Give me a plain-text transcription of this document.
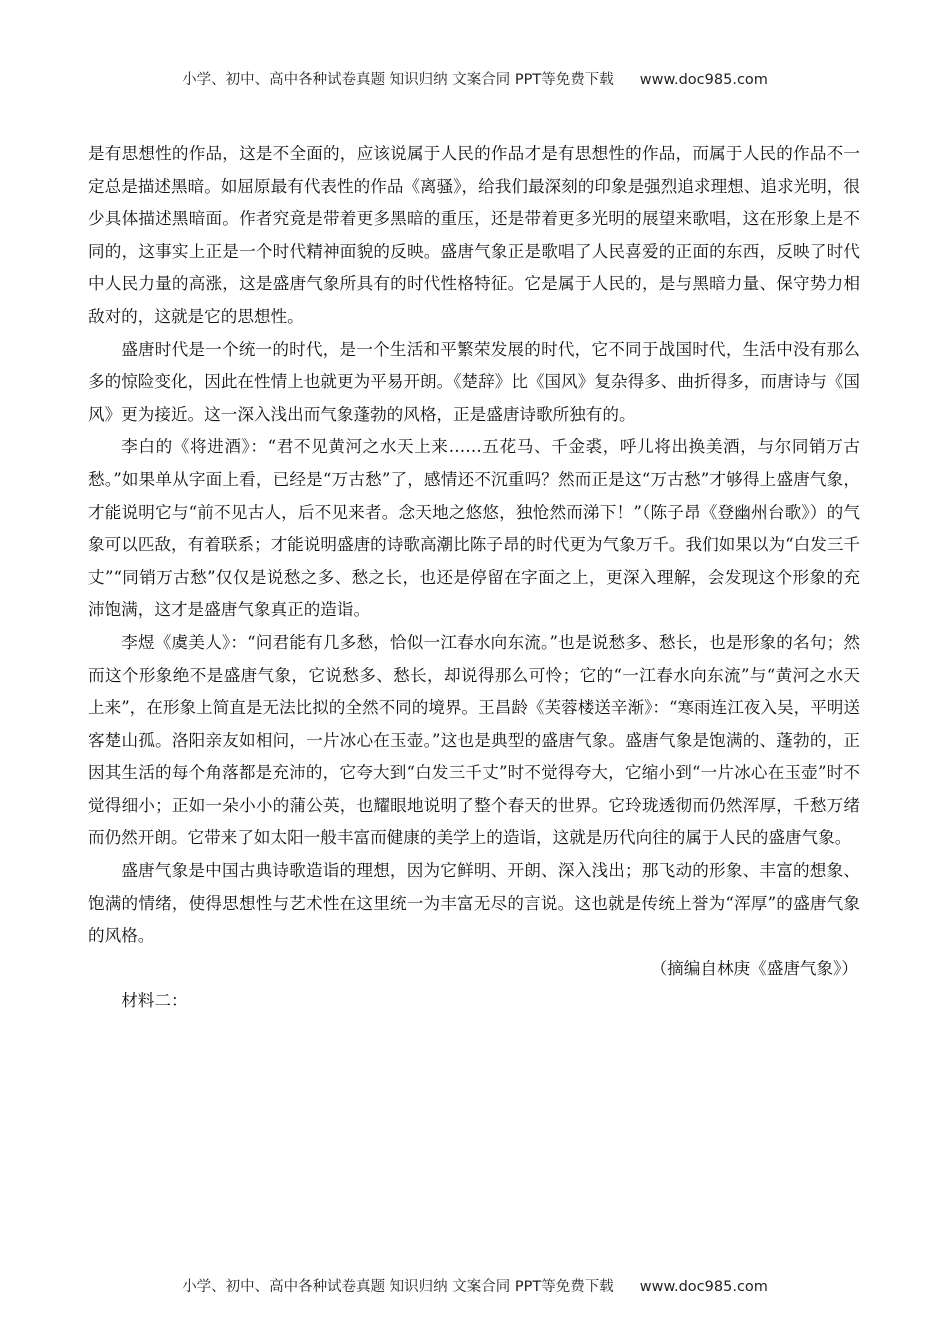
小学、初中、高中各种试卷真题 知识归纳 文案合同 PPT等免费下载 www.doc985.com

是有思想性的作品，这是不全面的，应该说属于人民的作品才是有思想性的作品，而属于人民的作品不一定总是描述黑暗。如屈原最有代表性的作品《离骚》，给我们最深刻的印象是强烈追求理想、追求光明，很少具体描述黑暗面。作者究竟是带着更多黑暗的重压，还是带着更多光明的展望来歌唱，这在形象上是不同的，这事实上正是一个时代精神面貌的反映。盛唐气象正是歌唱了人民喜爱的正面的东西，反映了时代中人民力量的高涨，这是盛唐气象所具有的时代性格特征。它是属于人民的，是与黑暗力量、保守势力相敌对的，这就是它的思想性。

盛唐时代是一个统一的时代，是一个生活和平繁荣发展的时代，它不同于战国时代，生活中没有那么多的惊险变化，因此在性情上也就更为平易开朗。《楚辞》比《国风》复杂得多、曲折得多，而唐诗与《国风》更为接近。这一深入浅出而气象蓬勃的风格，正是盛唐诗歌所独有的。

李白的《将进酒》：“君不见黄河之水天上来……五花马、千金裘，呼儿将出换美酒，与尔同销万古愁。”如果单从字面上看，已经是“万古愁”了，感情还不沉重吗？然而正是这“万古愁”才够得上盛唐气象，才能说明它与“前不见古人，后不见来者。念天地之悠悠，独怆然而涕下！”（陈子昂《登幽州台歌》）的气象可以匹敌，有着联系；才能说明盛唐的诗歌高潮比陈子昂的时代更为气象万千。我们如果以为“白发三千丈”“同销万古愁”仅仅是说愁之多、愁之长，也还是停留在字面之上，更深入理解，会发现这个形象的充沛饱满，这才是盛唐气象真正的造诣。

李煜《虞美人》：“问君能有几多愁，恰似一江春水向东流。”也是说愁多、愁长，也是形象的名句；然而这个形象绝不是盛唐气象，它说愁多、愁长，却说得那么可怜；它的“一江春水向东流”与“黄河之水天上来”，在形象上简直是无法比拟的全然不同的境界。王昌龄《芙蓉楼送辛渐》：“寒雨连江夜入吴，平明送客楚山孤。洛阳亲友如相问，一片冰心在玉壶。”这也是典型的盛唐气象。盛唐气象是饱满的、蓬勃的，正因其生活的每个角落都是充沛的，它夸大到“白发三千丈”时不觉得夸大，它缩小到“一片冰心在玉壶”时不觉得细小；正如一朵小小的蒲公英，也耀眼地说明了整个春天的世界。它玲珑透彻而仍然浑厚，千愁万绪而仍然开朗。它带来了如太阳一般丰富而健康的美学上的造诣，这就是历代向往的属于人民的盛唐气象。

盛唐气象是中国古典诗歌造诣的理想，因为它鲜明、开朗、深入浅出；那飞动的形象、丰富的想象、饱满的情绪，使得思想性与艺术性在这里统一为丰富无尽的言说。这也就是传统上誉为“浑厚”的盛唐气象的风格。

（摘编自林庚《盛唐气象》）

材料二：

小学、初中、高中各种试卷真题 知识归纳 文案合同 PPT等免费下载 www.doc985.com
